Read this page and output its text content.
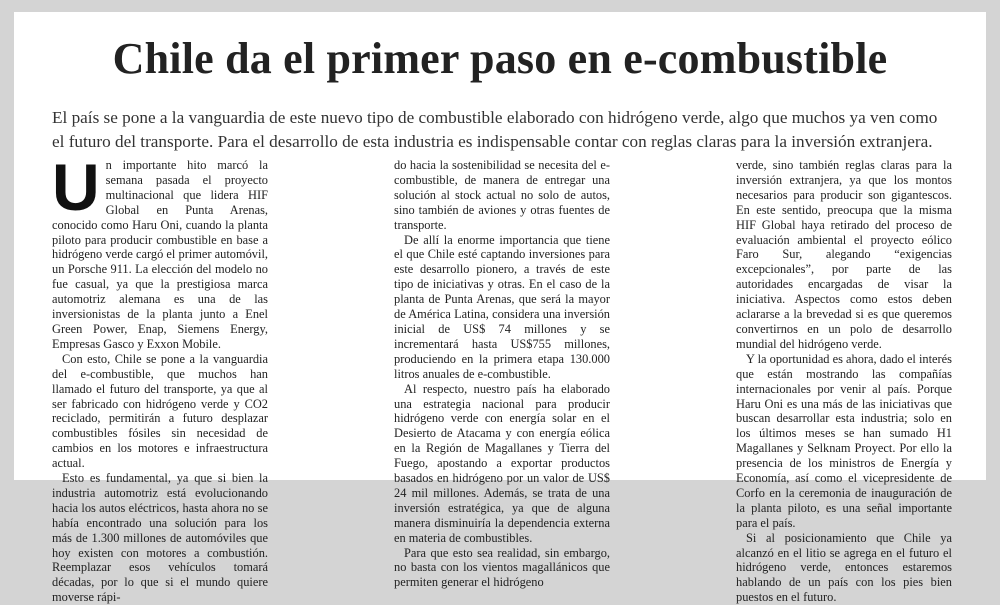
Chile da el primer paso en e-combustible

El país se pone a la vanguardia de este nuevo tipo de combustible elaborado con hidrógeno verde, algo que muchos ya ven como el futuro del transporte. Para el desarrollo de esta industria es indispensable contar con reglas claras para la inversión extranjera.

Un importante hito marcó la semana pasada el proyecto multinacional que lidera HIF Global en Punta Arenas, conocido como Haru Oni, cuando la planta piloto para producir combustible en base a hidrógeno verde cargó el primer automóvil, un Porsche 911. La elección del modelo no fue casual, ya que la prestigiosa marca automotriz alemana es una de las inversionistas de la planta junto a Enel Green Power, Enap, Siemens Energy, Empresas Gasco y Exxon Mobile.

Con esto, Chile se pone a la vanguardia del e-combustible, que muchos han llamado el futuro del transporte, ya que al ser fabricado con hidrógeno verde y CO2 reciclado, permitirán a futuro desplazar combustibles fósiles sin necesidad de cambios en los motores e infraestructura actual.

Esto es fundamental, ya que si bien la industria automotriz está evolucionando hacia los autos eléctricos, hasta ahora no se había encontrado una solución para los más de 1.300 millones de automóviles que hoy existen con motores a combustión. Reemplazar esos vehículos tomará décadas, por lo que si el mundo quiere moverse rápi-

do hacia la sostenibilidad se necesita del e-combustible, de manera de entregar una solución al stock actual no solo de autos, sino también de aviones y otras fuentes de transporte.

De allí la enorme importancia que tiene el que Chile esté captando inversiones para este desarrollo pionero, a través de este tipo de iniciativas y otras. En el caso de la planta de Punta Arenas, que será la mayor de América Latina, considera una inversión inicial de US$ 74 millones y se incrementará hasta US$755 millones, produciendo en la primera etapa 130.000 litros anuales de e-combustible.

Al respecto, nuestro país ha elaborado una estrategia nacional para producir hidrógeno verde con energía solar en el Desierto de Atacama y con energía eólica en la Región de Magallanes y Tierra del Fuego, apostando a exportar productos basados en hidrógeno por un valor de US$ 24 mil millones. Además, se trata de una inversión estratégica, ya que de alguna manera disminuiría la dependencia externa en materia de combustibles.

Para que esto sea realidad, sin embargo, no basta con los vientos magallánicos que permiten generar el hidrógeno

verde, sino también reglas claras para la inversión extranjera, ya que los montos necesarios para producir son gigantescos. En este sentido, preocupa que la misma HIF Global haya retirado del proceso de evaluación ambiental el proyecto eólico Faro Sur, alegando “exigencias excepcionales”, por parte de las autoridades encargadas de visar la iniciativa. Aspectos como estos deben aclararse a la brevedad si es que queremos convertirnos en un polo de desarrollo mundial del hidrógeno verde.

Y la oportunidad es ahora, dado el interés que están mostrando las compañías internacionales por venir al país. Porque Haru Oni es una más de las iniciativas que buscan desarrollar esta industria; solo en los últimos meses se han sumado H1 Magallanes y Selknam Proyect. Por ello la presencia de los ministros de Energía y Economía, así como el vicepresidente de Corfo en la ceremonia de inauguración de la planta piloto, es una señal importante para el país.

Si al posicionamiento que Chile ya alcanzó en el litio se agrega en el futuro el hidrógeno verde, entonces estaremos hablando de un país con los pies bien puestos en el futuro.
